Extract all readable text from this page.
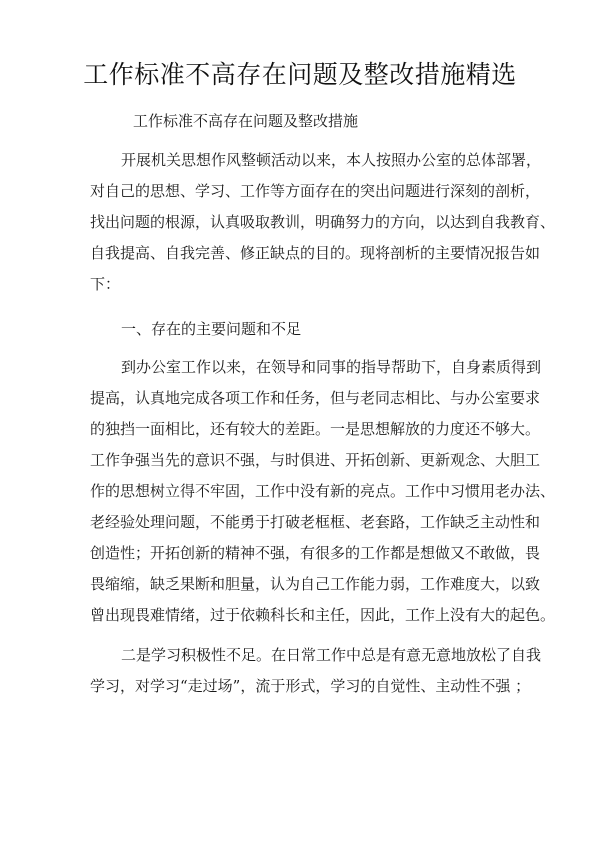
工作标准不高存在问题及整改措施精选
工作标准不高存在问题及整改措施
开展机关思想作风整顿活动以来，本人按照办公室的总体部署，
对自己的思想、学习、工作等方面存在的突出问题进行深刻的剖析，
找出问题的根源，认真吸取教训，明确努力的方向，以达到自我教育、
自我提高、自我完善、修正缺点的目的。现将剖析的主要情况报告如
下：
一、存在的主要问题和不足
到办公室工作以来，在领导和同事的指导帮助下，自身素质得到
提高，认真地完成各项工作和任务，但与老同志相比、与办公室要求
的独挡一面相比，还有较大的差距。一是思想解放的力度还不够大。
工作争强当先的意识不强，与时俱进、开拓创新、更新观念、大胆工
作的思想树立得不牢固，工作中没有新的亮点。工作中习惯用老办法、
老经验处理问题，不能勇于打破老框框、老套路，工作缺乏主动性和
创造性；开拓创新的精神不强，有很多的工作都是想做又不敢做，畏
畏缩缩，缺乏果断和胆量，认为自己工作能力弱，工作难度大，以致
曾出现畏难情绪，过于依赖科长和主任，因此，工作上没有大的起色。
二是学习积极性不足。在日常工作中总是有意无意地放松了自我
学习，对学习“走过场”，流于形式，学习的自觉性、主动性不强 ；
